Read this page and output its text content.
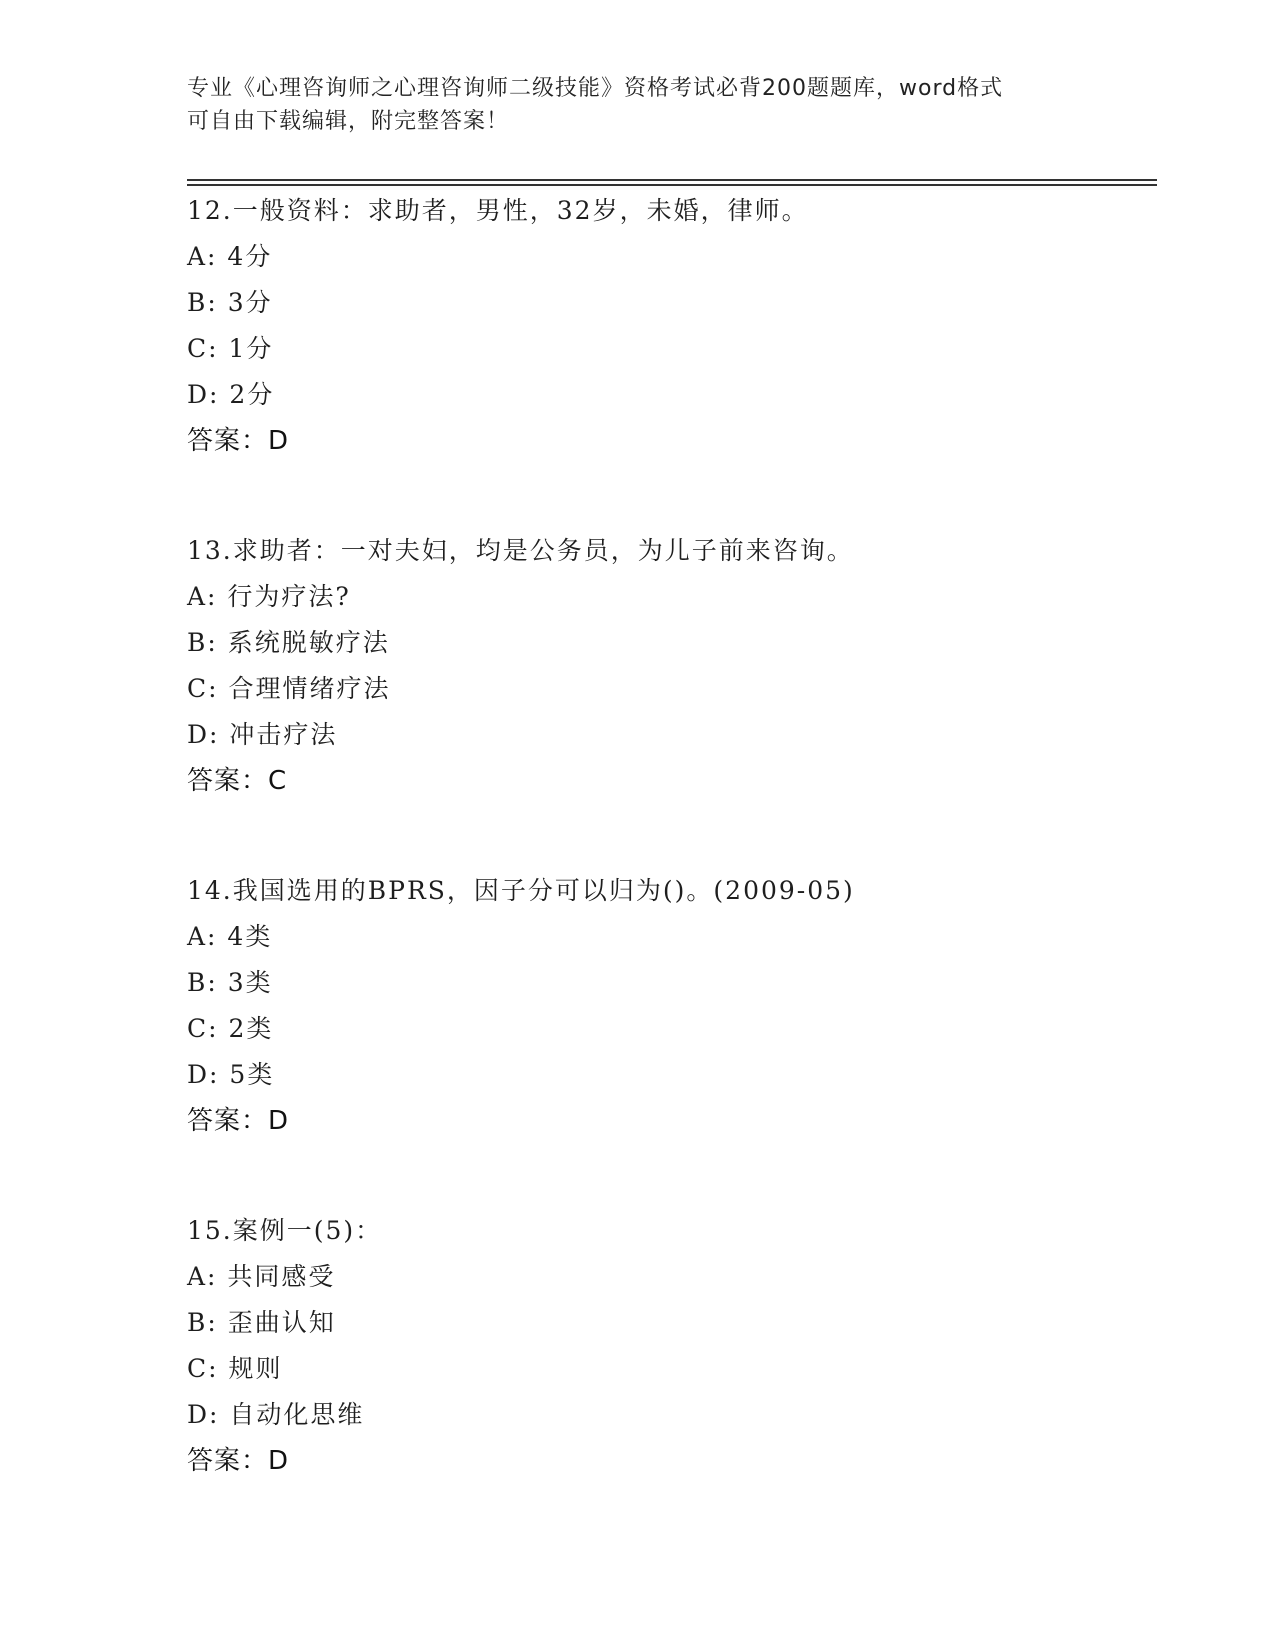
专业《心理咨询师之心理咨询师二级技能》资格考试必背200题题库，word格式
可自由下载编辑，附完整答案！
12.一般资料：求助者，男性，32岁，未婚，律师。
A: 4分
B: 3分
C: 1分
D: 2分
答案：D
13.求助者：一对夫妇，均是公务员，为儿子前来咨询。
A: 行为疗法?
B: 系统脱敏疗法
C: 合理情绪疗法
D: 冲击疗法
答案：C
14.我国选用的BPRS，因子分可以归为()。(2009-05)
A: 4类
B: 3类
C: 2类
D: 5类
答案：D
15.案例一(5)：
A: 共同感受
B: 歪曲认知
C: 规则
D: 自动化思维
答案：D
